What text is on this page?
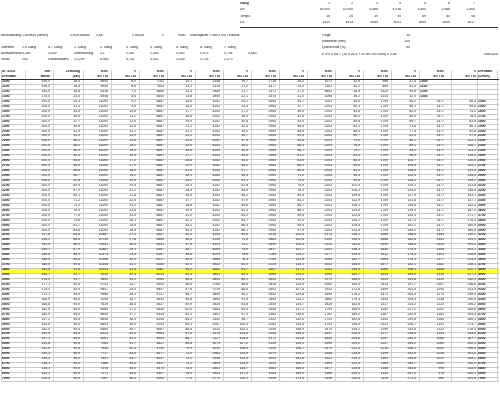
Gang	1	2	3	4	5	6	7
ÜE	16,000	10,000	6,588	4,916	3,500	2,986	2,500
Tempo	16	25	39	49	69	80	98
DZ	1514	4513	5069	4031	3699	2696	2617
Abrollumfang 1,849825 (Meter)	0,541006569	3,66	0,56325	2	9550	Radzugkraft = Nm x GÜ / Radius	Folge	15
Radbreite (mm)	205
Querschnitt (%)	55
ETRTO Ad = (15 x 25,4 + 2x 55 /100 x205) x 3,65	1849,825
Getriebe	1-4 Gang	5-7 Gang	1. Gang	2. Gang	3. Gang	4. Gang	5. Gang	6. Gang	7. Gang
Achsübersetz. 4,290	3,429	Übersetzung	3,1	2,087	1,343	0,933	0,974	0,794	0,663
Vmax	253	Gesamtübers.	13,299	8,953	5,762	4,002	3,339	2,724	2,273
SI 7DSG	Nm	Leistung	RZK	V	RZK	V	RZK	V	RZK	V	RZK	V	RZK	V	RZK	V Drehzahl
Drehzahl	Motor	(kW)	5G TSI	5G TSI	5G TSI	5G TSI	5G TSI	5G TSI	5G TSI	5G TSI	5G TSI	5G TSI	5G TSI	5G TSI	5G TSI	5G TSI (U/min)
1000	190,0	18,4	5940	8,0	7011	14,1	3148	19,7	1716	26,2	1071	32,9	988	37,4 1000
1100	195,0	16,5	5949	8,6	7503	11,1	2126	17,2	1477	24,9	1181	33,2	869	41,0 1100
1200	150,0	18,8	6318	7,9	4865	13,3	2589	21,7	1471	27,0	9652	35,9	1320	49,8 1200
1300	175,0	23,5	6946	8,6	6600	13,8	2890	22,1	1575	31,0	1098	36,2	1014	42,0 1300
1400	200,0	29,3	11000	9,2	6667	15,6	4252	24,2	2954	34,7	2203	46,5	1709	54,2	1477	66,3 1400
1500	200,0	31,4	11000	9,9	6667	16,6	4252	25,5	2954	37,7	2203	50,3	1709	58,1	1477	69,6 1500
1600	200,0	33,5	11000	10,6	6667	17,7	4252	27,2	2954	39,0	2203	53,6	1709	62,0	1477	74,2 1600
1700	200,0	35,6	11000	11,2	6667	18,8	4252	28,9	2954	41,6	2203	56,4	1709	65,9	1477	78,9 1700
1800	200,0	37,7	11000	11,9	6667	19,9	4252	30,6	2954	43,9	2203	59,8	1709	69,7	1477	83,5 1800
1900	200,0	39,8	11000	12,6	6667	21,1	4252	32,3	2954	46,5	2203	63,1	1709	73,6	1477	88,1 1900
2000	200,0	41,9	11000	13,2	6667	22,2	4252	34,0	2954	48,9	2203	66,4	1709	77,5	1477	92,8 2000
2100	200,0	44,0	11000	13,9	6667	23,3	4252	35,7	2954	51,4	2203	69,7	1709	81,4	1477	97,4 2100
2200	200,0	46,1	11000	14,6	6667	24,4	4252	37,5	2954	53,8	2203	73,0	1709	85,2	1477	102,1 2200
2300	200,0	48,2	11000	15,2	6667	25,5	4252	39,2	2954	56,3	2203	76,3	1709	89,1	1477	106,7 2300
2400	200,0	50,3	11000	15,9	6667	26,6	4252	40,9	2954	58,7	2203	79,7	1709	93,0	1477	111,3 2400
2500	200,0	52,4	11000	16,5	6667	27,7	4252	42,6	2954	61,2	2203	83,0	1709	96,9	1477	116,0 2500
2600	200,0	54,5	11000	17,2	6667	28,8	4252	44,3	2954	63,6	2203	86,3	1709	100,7	1477	120,6 2600
2700	200,0	56,5	11000	17,9	6667	29,9	4252	46,0	2954	66,1	2203	89,6	1709	104,6	1477	125,3 2700
2800	200,0	58,6	11000	18,5	6667	31,0	4252	47,7	2954	68,5	2203	93,0	1709	108,5	1477	129,9 2800
2900	200,0	60,7	11000	19,2	6667	32,1	4252	49,4	2954	71,0	2203	96,3	1709	112,4	1477	134,5 2900
3000	200,0	62,8	11000	19,9	6667	33,2	4252	51,1	2954	73,4	2203	99,6	1709	116,2	1477	139,2 3000
3100	200,0	64,9	11000	20,5	6667	34,3	4252	52,8	2954	75,9	2203	102,9	1709	120,1	1477	143,8 3100
3200	200,0	67,0	11000	21,2	6667	35,4	4252	54,5	2954	78,3	2203	106,2	1709	124,0	1477	148,5 3200
3300	200,0	69,1	11000	21,8	6667	36,5	4252	56,2	2954	80,8	2203	109,6	1709	127,9	1477	153,1 3300
3400	200,0	71,2	11000	22,5	6667	37,7	4252	57,9	2954	83,2	2203	112,9	1709	131,8	1477	157,7 3400
3500	200,0	73,3	11000	23,2	6667	38,8	4252	59,6	2954	85,7	2203	116,2	1709	135,6	1477	162,4 3500
3600	200,0	75,4	11000	23,8	6667	39,9	4252	61,3	2954	88,1	2203	119,5	1709	139,5	1477	167,0 3600
3700	200,0	77,5	11000	24,5	6667	41,0	4252	63,0	2954	90,6	2203	122,8	1709	143,4	1477	171,7 3700
3800	200,0	79,6	11000	25,1	6667	42,1	4252	64,7	2954	93,0	2203	126,2	1709	147,3	1477	176,3 3800
3900	200,0	81,7	11000	25,8	6667	43,2	4252	66,4	2954	95,5	2203	129,5	1709	151,1	1477	180,9 3900
4000	200,0	83,8	11000	26,5	6667	44,3	4252	68,1	2954	97,9	2203	132,8	1709	155,0	1477	185,6 4000
4100	197,6	84,8	10867	27,1	6587	45,4	4200	69,8	2918	100,4	2176	136,1	1689	158,9	1459	190,2 4100
4200	195,2	85,8	10734	27,8	6506	46,5	4149	71,5	2883	102,8	2150	139,4	1668	162,8	1441	194,9 4200
4300	192,9	86,9	10611	28,4	6431	47,6	4101	73,2	2849	105,3	2125	142,8	1649	166,6	1425	199,5 4300
4400	190,7	87,9	10487	29,1	6357	48,7	4054	74,9	2817	107,7	2101	146,1	1630	170,5	1408	204,1 4400
4500	188,6	88,9	10374	29,8	6287	49,8	4009	76,6	2785	110,2	2077	149,4	1612	174,4	1393	208,8 4500
4600	186,5	89,8	10258	30,4	6217	50,9	3964	78,3	2754	112,6	2054	152,7	1594	178,3	1377	213,4 4600
4700	184,5	90,8	10148	31,1	6150	52,0	3922	80,0	2725	115,1	2032	156,0	1577	182,1	1362	218,1 4700
4800	182,6	91,8	10043	31,8	6087	53,2	3882	81,7	2697	117,5	2011	159,4	1560	186,0	1348	222,7 4800
4900	180,7	92,7	9939	32,4	6024	54,3	3841	83,4	2669	120,0	1990	162,7	1544	189,9	1334	227,3 4900
5000	178,9	93,7	9840	33,1	5964	55,4	3803	85,1	2642	122,4	1970	166,0	1529	193,8	1320	232,0 5000
5100	177,1	94,6	9741	33,7	5904	56,5	3765	86,8	2616	124,9	1950	169,3	1513	197,7	1307	236,6 5100
5200	175,4	95,5	9647	34,4	5847	57,6	3729	88,5	2591	127,3	1932	172,6	1499	201,5	1294	241,3 5200
5300	172,1	95,5	9466	35,1	5737	58,7	3659	90,2	2542	129,8	1895	176,0	1471	205,4	1270	245,9 5300
5400	168,9	95,5	9290	35,7	5630	59,8	3590	91,9	2495	132,2	1860	179,3	1443	209,3	1246	250,5 5400
5500	165,8	95,5	9119	36,4	5527	60,9	3525	93,6	2449	134,7	1826	182,6	1417	213,2	1223	255,2 5500
5600	162,9	95,5	8960	37,0	5430	62,0	3463	95,3	2406	137,1	1794	185,9	1392	217,0	1202	259,8 5600
5700	160,0	95,5	8800	37,7	5333	63,1	3401	97,0	2363	139,6	1762	189,2	1367	220,9	1181	264,5 5700
5800	157,2	95,5	8646	38,4	5240	64,2	3342	98,7	2322	142,0	1731	192,6	1343	224,8	1160	269,1 5800
5900	154,6	95,5	8503	39,0	5153	65,3	3287	100,4	2283	144,5	1703	195,9	1321	228,7	1141	273,7 5900
6000	152,0	95,5	8360	39,7	5067	66,5	3232	102,1	2245	146,9	1674	199,2	1299	232,5	1122	278,4 6000
6100	149,5	95,5	8223	40,3	4983	67,6	3178	103,8	2208	149,4	1647	202,5	1277	236,4	1103	283,0 6100
6200	147,1	95,5	8091	41,0	4903	68,7	3127	105,5	2172	151,8	1620	205,8	1257	240,3	1086	287,7 6200
6300	144,8	95,5	7964	41,7	4827	69,8	3079	107,2	2139	154,3	1595	209,2	1237	244,2	1069	292,3 6300
6400	142,5	95,5	7838	42,3	4750	70,9	3030	108,9	2105	156,7	1570	212,5	1218	248,1	1052	296,9 6400
6500	140,3	95,5	7717	43,0	4677	72,0	2983	110,6	2072	159,2	1545	215,8	1199	251,9	1035	301,6 6500
6600	138,2	95,5	7601	43,7	4607	73,1	2938	112,3	2041	161,6	1522	219,1	1181	255,8	1020	306,2 6600
6700	136,1	95,5	7486	44,3	4537	74,2	2894	114,0	2010	164,1	1499	222,4	1163	259,7	1004	310,9 6700
6800	134,1	95,5	7376	45,0	4470	75,3	2851	115,7	1981	166,5	1477	225,8	1146	263,6	990	315,5 6800
6900	132,2	95,5	7271	45,6	4407	76,4	2811	117,4	1953	169,0	1456	229,1	1130	267,4	976	320,1 6900
7000	130,3	95,5	7167	46,3	4343	77,5	2770	119,1	1925	171,4	1435	232,4	1114	271,3	962	324,8 7000
